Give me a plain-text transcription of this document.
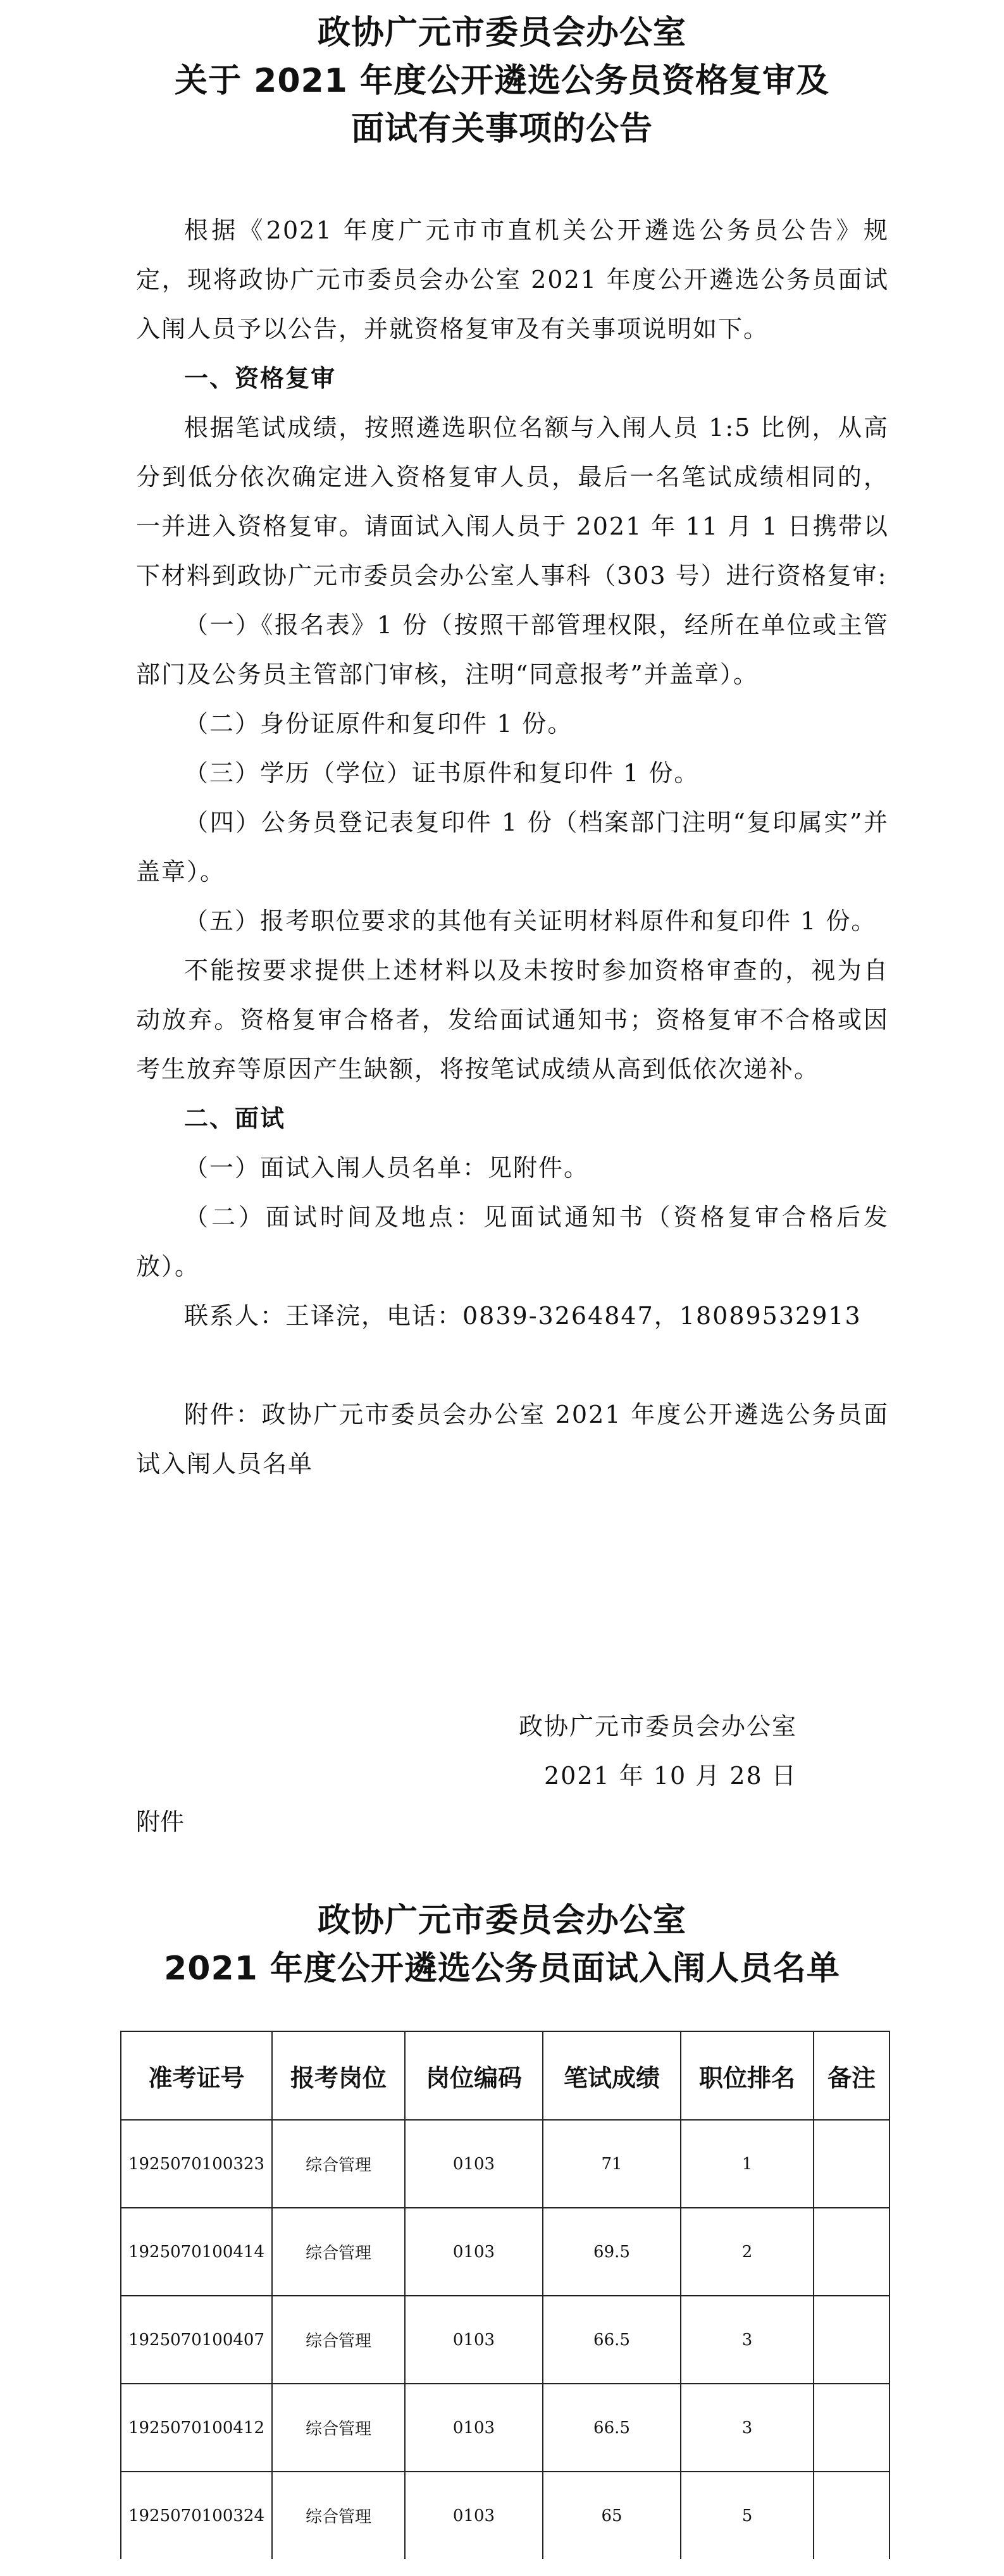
政协广元市委员会办公室
关于 2021 年度公开遴选公务员资格复审及
面试有关事项的公告

根据《2021 年度广元市市直机关公开遴选公务员公告》规定，现将政协广元市委员会办公室 2021 年度公开遴选公务员面试入闱人员予以公告，并就资格复审及有关事项说明如下。

一、资格复审

根据笔试成绩，按照遴选职位名额与入闱人员 1:5 比例，从高分到低分依次确定进入资格复审人员，最后一名笔试成绩相同的，一并进入资格复审。请面试入闱人员于 2021 年 11 月 1 日携带以下材料到政协广元市委员会办公室人事科（303 号）进行资格复审:

（一）《报名表》1 份（按照干部管理权限，经所在单位或主管部门及公务员主管部门审核，注明“同意报考”并盖章）。

（二）身份证原件和复印件 1 份。

（三）学历（学位）证书原件和复印件 1 份。

（四）公务员登记表复印件 1 份（档案部门注明“复印属实”并盖章）。

（五）报考职位要求的其他有关证明材料原件和复印件 1 份。

不能按要求提供上述材料以及未按时参加资格审查的，视为自动放弃。资格复审合格者，发给面试通知书；资格复审不合格或因考生放弃等原因产生缺额，将按笔试成绩从高到低依次递补。

二、面试

（一）面试入闱人员名单：见附件。

（二）面试时间及地点：见面试通知书（资格复审合格后发放）。

联系人：王译浣，电话：0839-3264847，18089532913

附件：政协广元市委员会办公室 2021 年度公开遴选公务员面试入闱人员名单

政协广元市委员会办公室
2021 年 10 月 28 日
附件
政协广元市委员会办公室
2021 年度公开遴选公务员面试入闱人员名单
准考证号	报考岗位	岗位编码	笔试成绩	职位排名	备注
1925070100323	综合管理	0103	71	1	
1925070100414	综合管理	0103	69.5	2	
1925070100407	综合管理	0103	66.5	3	
1925070100412	综合管理	0103	66.5	3	
1925070100324	综合管理	0103	65	5	
